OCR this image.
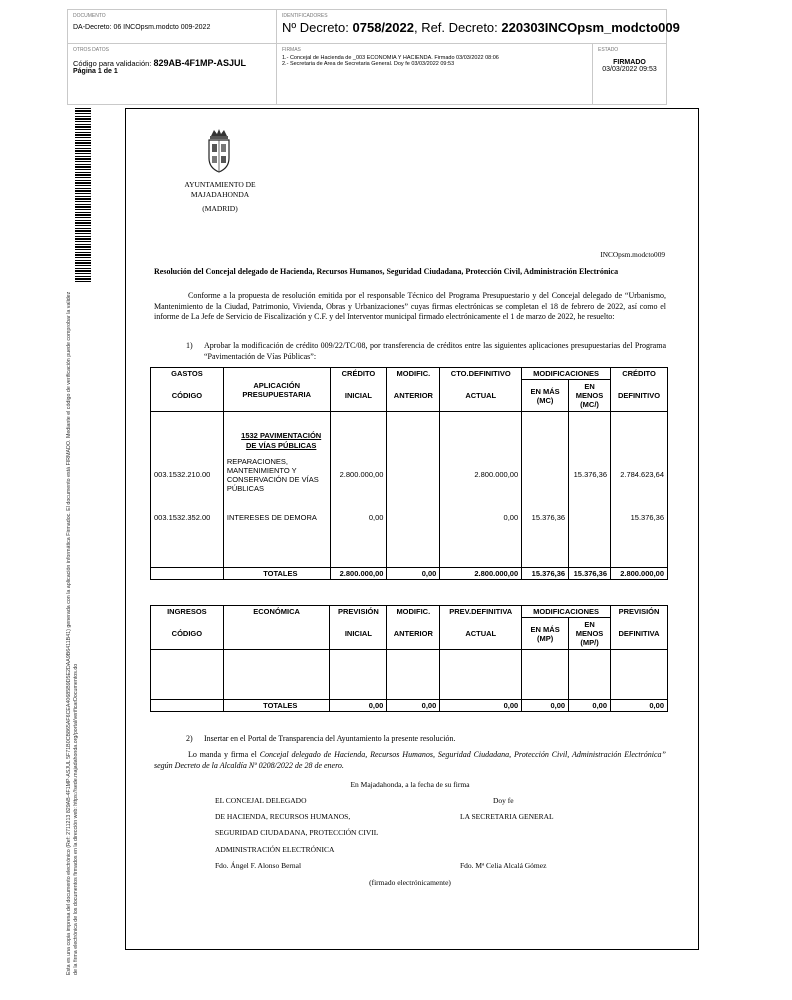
DOCUMENTO
DA-Decreto: 06 INCOpsm.modcto 009-2022
IDENTIFICADORES
Nº Decreto: 0758/2022, Ref. Decreto: 220303INCOpsm_modcto009
OTROS DATOS
Código para validación: 829AB-4F1MP-ASJUL
Página 1 de 1
FIRMAS
1.- Concejal de Hacienda de _003 ECONOMIA Y HACIENDA. Firmado 03/03/2022 08:06
2.- Secretaria de Area de Secretaria General. Doy fe 03/03/2022 09:53
ESTADO
FIRMADO
03/03/2022 09:53
Esta es una copia impresa del documento electrónico (Ref: 2711213 829AB-4F1MP-ASJUL 5F71B0CB865AF6CEA40685B9D5E2DAA9B6411B41) generada con la aplicación informática Firmadoc. El documento está FIRMADO. Mediante el código de verificación puede comprobar la validez de la firma electrónica de los documentos firmados en la dirección web: https://sede.majadahonda.org/portal/verificarDocumentos.do
AYUNTAMIENTO DE
MAJADAHONDA
(MADRID)
INCOpsm.modcto009
Resolución del Concejal delegado de Hacienda, Recursos Humanos, Seguridad Ciudadana, Protección Civil, Administración Electrónica
Conforme a la propuesta de resolución emitida por el responsable Técnico del Programa Presupuestario y del Concejal delegado de “Urbanismo, Mantenimiento de la Ciudad, Patrimonio, Vivienda, Obras y Urbanizaciones” cuyas firmas electrónicas se completan el 18 de febrero de 2022, así como el informe de La Jefe de Servicio de Fiscalización y C.F. y del Interventor municipal firmado electrónicamente el 1 de marzo de 2022, he resuelto:
1) Aprobar la modificación de crédito 009/22/TC/08, por transferencia de créditos entre las siguientes aplicaciones presupuestarias del Programa “Pavimentación de Vías Públicas”:
GASTOS	APLICACIÓN PRESUPUESTARIA	CRÉDITO	MODIFIC.	CTO.DEFINITIVO	MODIFICACIONES		CRÉDITO
CÓDIGO		INICIAL	ANTERIOR	ACTUAL	EN MÁS (MC)	EN MENOS (MC/)	DEFINITIVO
	1532 PAVIMENTACIÓN DE VÍAS PÚBLICAS						
003.1532.210.00	REPARACIONES, MANTENIMIENTO Y CONSERVACIÓN DE VÍAS PÚBLICAS	2.800.000,00		2.800.000,00		15.376,36	2.784.623,64
003.1532.352.00	INTERESES DE DEMORA	0,00		0,00	15.376,36		15.376,36

	TOTALES	2.800.000,00	0,00	2.800.000,00	15.376,36	15.376,36	2.800.000,00
INGRESOS	ECONÓMICA	PREVISIÓN	MODIFIC.	PREV.DEFINITIVA	MODIFICACIONES		PREVISIÓN
CÓDIGO		INICIAL	ANTERIOR	ACTUAL	EN MÁS (MP)	EN MENOS (MP/)	DEFINITIVA

	TOTALES	0,00	0,00	0,00	0,00	0,00	0,00
2) Insertar en el Portal de Transparencia del Ayuntamiento la presente resolución.
Lo manda y firma el Concejal delegado de Hacienda, Recursos Humanos, Seguridad Ciudadana, Protección Civil, Administración Electrónica” según Decreto de la Alcaldía Nº 0208/2022 de 28 de enero.
En Majadahonda, a la fecha de su firma
EL CONCEJAL DELEGADO	Doy fe
DE HACIENDA, RECURSOS HUMANOS,	LA SECRETARIA GENERAL
SEGURIDAD CIUDADANA, PROTECCIÓN CIVIL
ADMINISTRACIÓN ELECTRÓNICA
Fdo. Ángel F. Alonso Bernal	Fdo. Mª Celia Alcalá Gómez
(firmado electrónicamente)
